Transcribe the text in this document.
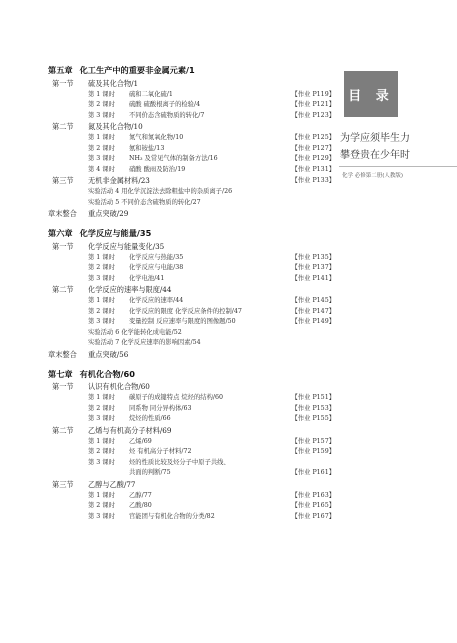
第五章 化工生产中的重要非金属元素/1
第一节 硫及其化合物/1
第 1 课时 硫和二氧化硫/1	【作业 P119】
第 2 课时 硫酸 硫酸根离子的检验/4	【作业 P121】
第 3 课时 不同价态含硫物质的转化/7	【作业 P123】
第二节 氮及其化合物/10
第 1 课时 氮气和氮氧化物/10	【作业 P125】
第 2 课时 氨和铵盐/13	【作业 P127】
第 3 课时 NH₃ 及常见气体的制备方法/16	【作业 P129】
第 4 课时 硝酸 酸雨及防治/19	【作业 P131】
第三节 无机非金属材料/23	【作业 P133】
实验活动 4 用化学沉淀法去除粗盐中的杂质离子/26
实验活动 5 不同价态含硫物质的转化/27
章末整合 重点突破/29
第六章 化学反应与能量/35
第一节 化学反应与能量变化/35
第 1 课时 化学反应与热能/35	【作业 P135】
第 2 课时 化学反应与电能/38	【作业 P137】
第 3 课时 化学电池/41	【作业 P141】
第二节 化学反应的速率与限度/44
第 1 课时 化学反应的速率/44	【作业 P145】
第 2 课时 化学反应的限度 化学反应条件的控制/47	【作业 P147】
第 3 课时 变量控制 反应速率与限度的图像题/50	【作业 P149】
实验活动 6 化学能转化成电能/52
实验活动 7 化学反应速率的影响因素/54
章末整合 重点突破/56
第七章 有机化合物/60
第一节 认识有机化合物/60
第 1 课时 碳原子的成键特点 烷烃的结构/60	【作业 P151】
第 2 课时 同系物 同分异构体/63	【作业 P153】
第 3 课时 烷烃的性质/66	【作业 P155】
第二节 乙烯与有机高分子材料/69
第 1 课时 乙烯/69	【作业 P157】
第 2 课时 烃 有机高分子材料/72	【作业 P159】
第 3 课时 烃的性质比较及烃分子中原子共线、
共面的判断/75	【作业 P161】
第三节 乙醇与乙酸/77
第 1 课时 乙醇/77	【作业 P163】
第 2 课时 乙酸/80	【作业 P165】
第 3 课时 官能团与有机化合物的分类/82	【作业 P167】
目 录
为学应须毕生力
攀登贵在少年时
化学 必修第二册(人教版)
